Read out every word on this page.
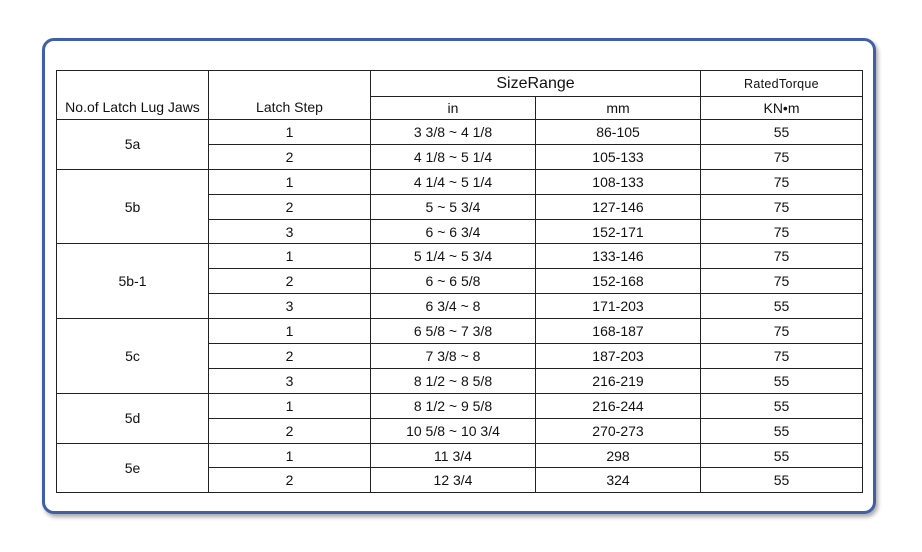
No.of Latch Lug Jaws	Latch Step	SizeRange		RatedTorque
		in	mm	KN•m
5a	1	3 3/8 ~ 4 1/8	86-105	55
	2	4 1/8 ~ 5 1/4	105-133	75
5b	1	4 1/4 ~ 5 1/4	108-133	75
	2	5 ~ 5 3/4	127-146	75
	3	6 ~ 6 3/4	152-171	75
5b-1	1	5 1/4 ~ 5 3/4	133-146	75
	2	6 ~ 6 5/8	152-168	75
	3	6 3/4 ~ 8	171-203	55
5c	1	6 5/8 ~ 7 3/8	168-187	75
	2	7 3/8 ~ 8	187-203	75
	3	8 1/2 ~ 8 5/8	216-219	55
5d	1	8 1/2 ~ 9 5/8	216-244	55
	2	10 5/8 ~ 10 3/4	270-273	55
5e	1	11 3/4	298	55
	2	12 3/4	324	55
